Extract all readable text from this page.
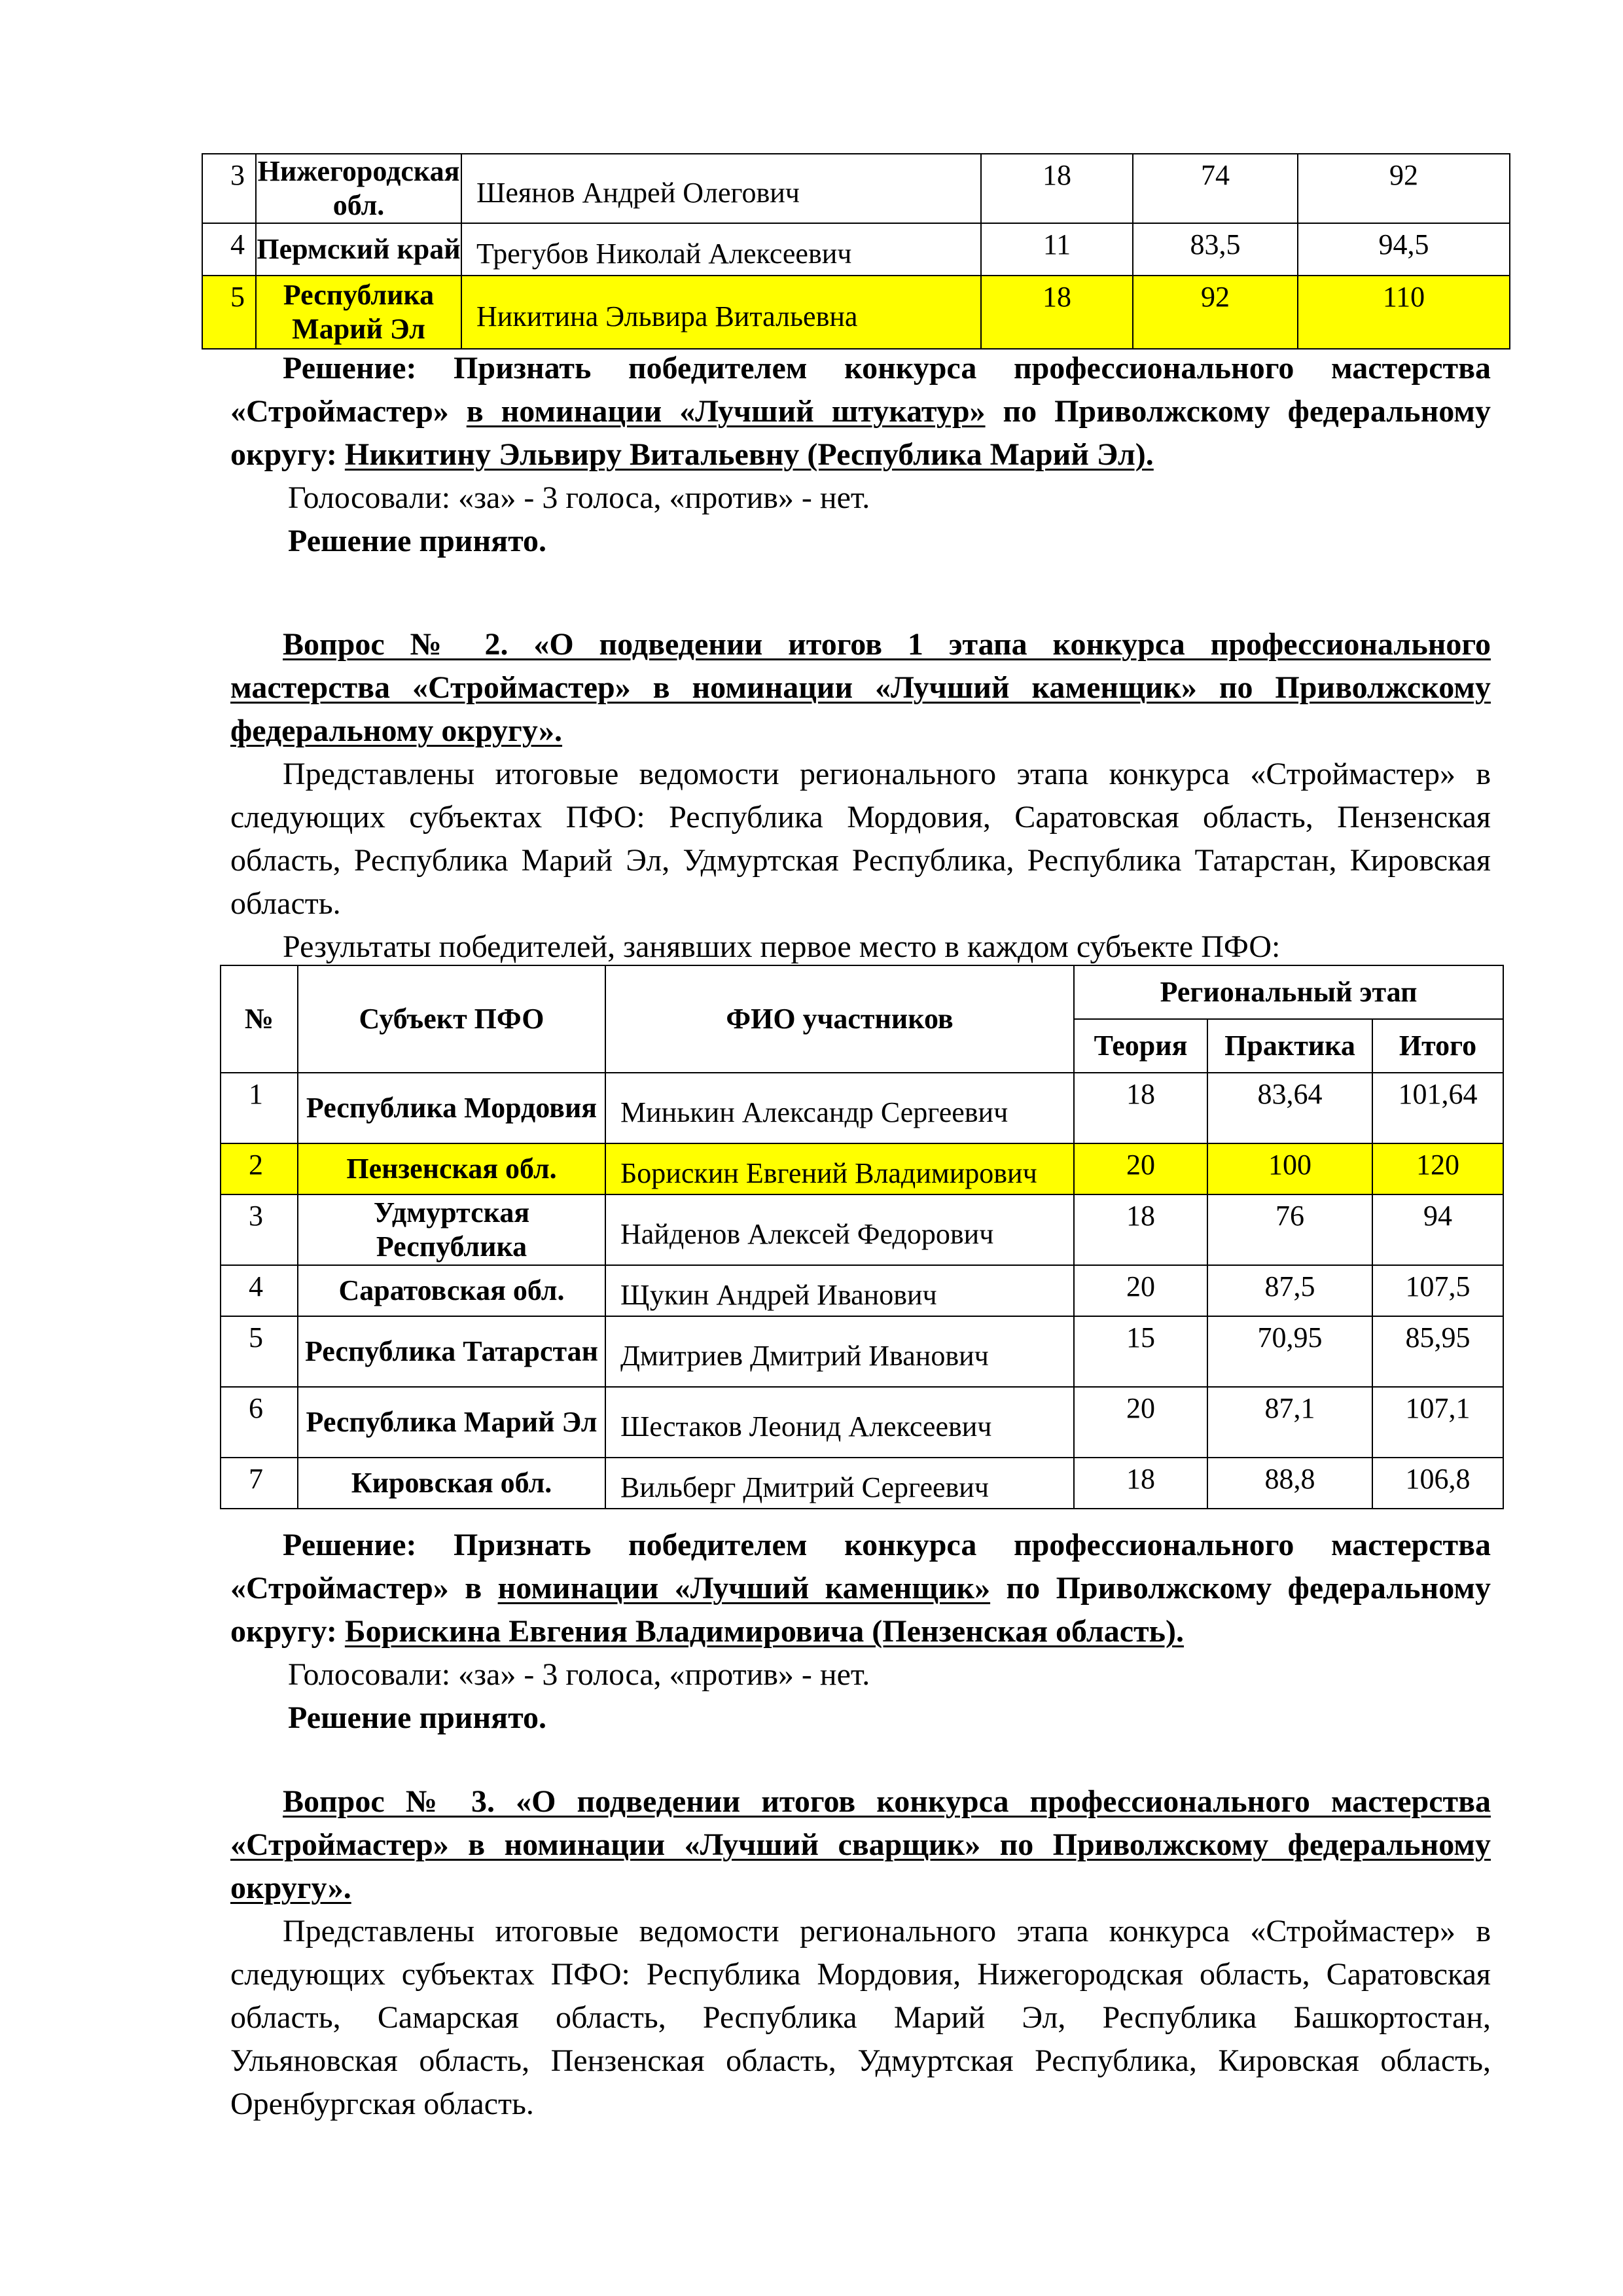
3	Нижегородская обл.	Шеянов Андрей Олегович	18	74	92
4	Пермский край	Трегубов Николай Алексеевич	11	83,5	94,5
5	Республика Марий Эл	Никитина Эльвира Витальевна	18	92	110
Решение: Признать победителем конкурса профессионального мастерства
«Строймастер» в номинации «Лучший штукатур» по Приволжскому федеральному
округу: Никитину Эльвиру Витальевну (Республика Марий Эл).
Голосовали: «за» - 3 голоса, «против» - нет.
Решение принято.
Вопрос № 2. «О подведении итогов 1 этапа конкурса профессионального
мастерства «Строймастер» в номинации «Лучший каменщик» по Приволжскому
федеральному округу».
Представлены итоговые ведомости регионального этапа конкурса «Строймастер» в
следующих субъектах ПФО: Республика Мордовия, Саратовская область, Пензенская
область, Республика Марий Эл, Удмуртская Республика, Республика Татарстан, Кировская
область.
Результаты победителей, занявших первое место в каждом субъекте ПФО:
№	Субъект ПФО	ФИО участников	Региональный этап		
			Теория	Практика	Итого
1	Республика Мордовия	Минькин Александр Сергеевич	18	83,64	101,64
2	Пензенская обл.	Борискин Евгений Владимирович	20	100	120
3	Удмуртская Республика	Найденов Алексей Федорович	18	76	94
4	Саратовская обл.	Щукин Андрей Иванович	20	87,5	107,5
5	Республика Татарстан	Дмитриев Дмитрий Иванович	15	70,95	85,95
6	Республика Марий Эл	Шестаков Леонид Алексеевич	20	87,1	107,1
7	Кировская обл.	Вильберг Дмитрий Сергеевич	18	88,8	106,8
Решение: Признать победителем конкурса профессионального мастерства
«Строймастер» в номинации «Лучший каменщик» по Приволжскому федеральному
округу: Борискина Евгения Владимировича (Пензенская область).
Голосовали: «за» - 3 голоса, «против» - нет.
Решение принято.
Вопрос № 3. «О подведении итогов конкурса профессионального мастерства
«Строймастер» в номинации «Лучший сварщик» по Приволжскому федеральному
округу».
Представлены итоговые ведомости регионального этапа конкурса «Строймастер» в
следующих субъектах ПФО: Республика Мордовия, Нижегородская область, Саратовская
область, Самарская область, Республика Марий Эл, Республика Башкортостан,
Ульяновская область, Пензенская область, Удмуртская Республика, Кировская область,
Оренбургская область.
